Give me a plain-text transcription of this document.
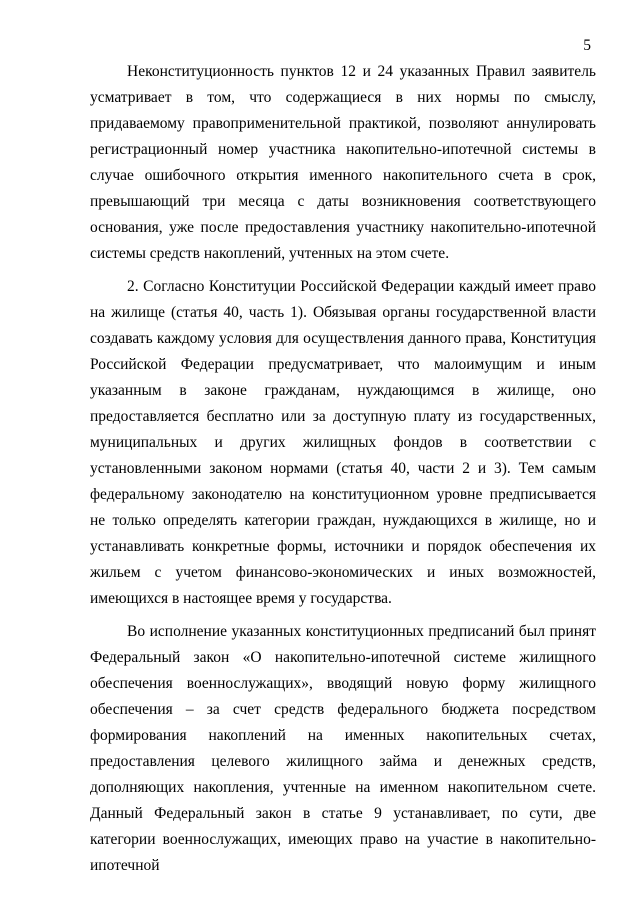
5

Неконституционность пунктов 12 и 24 указанных Правил заявитель усматривает в том, что содержащиеся в них нормы по смыслу, придаваемому правоприменительной практикой, позволяют аннулировать регистрационный номер участника накопительно-ипотечной системы в случае ошибочного открытия именного накопительного счета в срок, превышающий три месяца с даты возникновения соответствующего основания, уже после предоставления участнику накопительно-ипотечной системы средств накоплений, учтенных на этом счете.

2. Согласно Конституции Российской Федерации каждый имеет право на жилище (статья 40, часть 1). Обязывая органы государственной власти создавать каждому условия для осуществления данного права, Конституция Российской Федерации предусматривает, что малоимущим и иным указанным в законе гражданам, нуждающимся в жилище, оно предоставляется бесплатно или за доступную плату из государственных, муниципальных и других жилищных фондов в соответствии с установленными законом нормами (статья 40, части 2 и 3). Тем самым федеральному законодателю на конституционном уровне предписывается не только определять категории граждан, нуждающихся в жилище, но и устанавливать конкретные формы, источники и порядок обеспечения их жильем с учетом финансово-экономических и иных возможностей, имеющихся в настоящее время у государства.

Во исполнение указанных конституционных предписаний был принят Федеральный закон «О накопительно-ипотечной системе жилищного обеспечения военнослужащих», вводящий новую форму жилищного обеспечения – за счет средств федерального бюджета посредством формирования накоплений на именных накопительных счетах, предоставления целевого жилищного займа и денежных средств, дополняющих накопления, учтенные на именном накопительном счете. Данный Федеральный закон в статье 9 устанавливает, по сути, две категории военнослужащих, имеющих право на участие в накопительно-ипотечной
